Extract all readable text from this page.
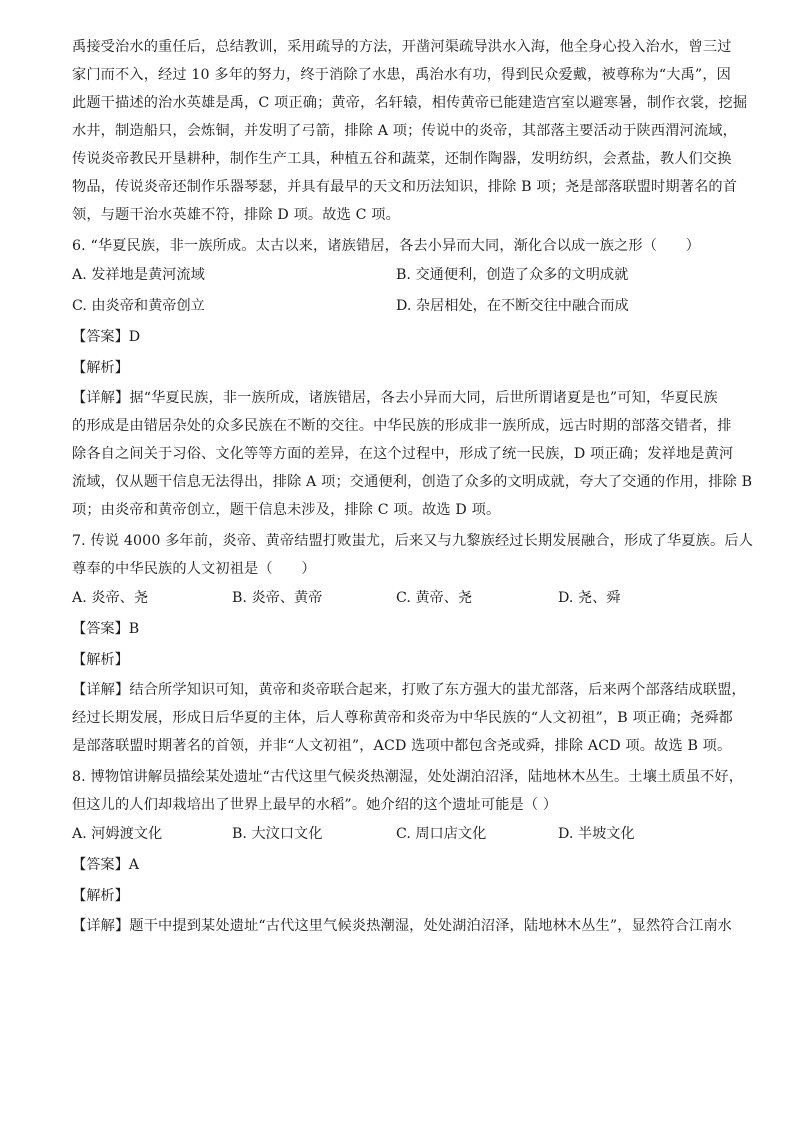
禹接受治水的重任后，总结教训，采用疏导的方法，开凿河渠疏导洪水入海，他全身心投入治水，曾三过
家门而不入，经过 10 多年的努力，终于消除了水患，禹治水有功，得到民众爱戴，被尊称为“大禹”，因
此题干描述的治水英雄是禹，C 项正确；黄帝，名轩辕，相传黄帝已能建造宫室以避寒暑，制作衣裳，挖掘
水井，制造船只，会炼铜，并发明了弓箭，排除 A 项；传说中的炎帝，其部落主要活动于陕西渭河流域，
传说炎帝教民开垦耕种，制作生产工具，种植五谷和蔬菜，还制作陶器，发明纺织，会煮盐，教人们交换
物品，传说炎帝还制作乐器琴瑟，并具有最早的天文和历法知识，排除 B 项；尧是部落联盟时期著名的首
领，与题干治水英雄不符，排除 D 项。故选 C 项。
6. “华夏民族，非一族所成。太古以来，诸族错居，各去小异而大同，渐化合以成一族之形（　　）
A. 发祥地是黄河流域	B. 交通便利，创造了众多的文明成就
C. 由炎帝和黄帝创立	D. 杂居相处，在不断交往中融合而成
【答案】D
【解析】
【详解】据“华夏民族，非一族所成，诸族错居，各去小异而大同，后世所谓诸夏是也”可知，华夏民族
的形成是由错居杂处的众多民族在不断的交往。中华民族的形成非一族所成，远古时期的部落交错者，排
除各自之间关于习俗、文化等等方面的差异，在这个过程中，形成了统一民族，D 项正确；发祥地是黄河
流域，仅从题干信息无法得出，排除 A 项；交通便利，创造了众多的文明成就，夸大了交通的作用，排除 B
项；由炎帝和黄帝创立，题干信息未涉及，排除 C 项。故选 D 项。
7. 传说 4000 多年前，炎帝、黄帝结盟打败蚩尤，后来又与九黎族经过长期发展融合，形成了华夏族。后人
尊奉的中华民族的人文初祖是（　　）
A. 炎帝、尧	B. 炎帝、黄帝	C. 黄帝、尧	D. 尧、舜
【答案】B
【解析】
【详解】结合所学知识可知，黄帝和炎帝联合起来，打败了东方强大的蚩尤部落，后来两个部落结成联盟，
经过长期发展，形成日后华夏的主体，后人尊称黄帝和炎帝为中华民族的“人文初祖”，B 项正确；尧舜都
是部落联盟时期著名的首领，并非“人文初祖”，ACD 选项中都包含尧或舜，排除 ACD 项。故选 B 项。
8. 博物馆讲解员描绘某处遗址“古代这里气候炎热潮湿，处处湖泊沼泽，陆地林木丛生。土壤土质虽不好，
但这儿的人们却栽培出了世界上最早的水稻”。她介绍的这个遗址可能是（ ）
A. 河姆渡文化	B. 大汶口文化	C. 周口店文化	D. 半坡文化
【答案】A
【解析】
【详解】题干中提到某处遗址“古代这里气候炎热潮湿，处处湖泊沼泽，陆地林木丛生”，显然符合江南水
